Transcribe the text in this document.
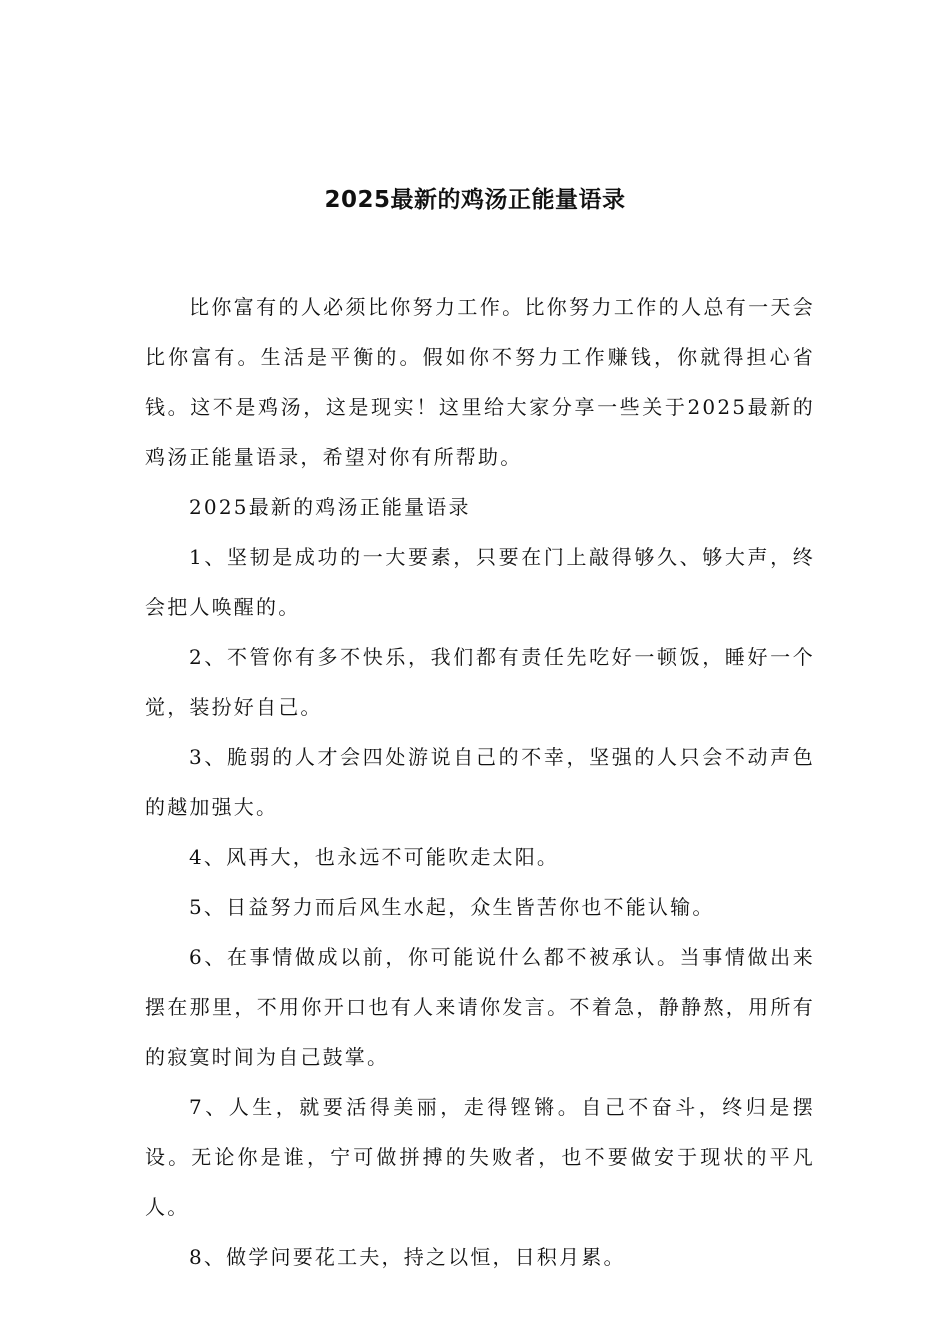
2025最新的鸡汤正能量语录

比你富有的人必须比你努力工作。比你努力工作的人总有一天会比你富有。生活是平衡的。假如你不努力工作赚钱，你就得担心省钱。这不是鸡汤，这是现实！这里给大家分享一些关于2025最新的鸡汤正能量语录，希望对你有所帮助。

2025最新的鸡汤正能量语录

1、坚韧是成功的一大要素，只要在门上敲得够久、够大声，终会把人唤醒的。

2、不管你有多不快乐，我们都有责任先吃好一顿饭，睡好一个觉，装扮好自己。

3、脆弱的人才会四处游说自己的不幸，坚强的人只会不动声色的越加强大。

4、风再大，也永远不可能吹走太阳。

5、日益努力而后风生水起，众生皆苦你也不能认输。

6、在事情做成以前，你可能说什么都不被承认。当事情做出来摆在那里，不用你开口也有人来请你发言。不着急，静静熬，用所有的寂寞时间为自己鼓掌。

7、人生，就要活得美丽，走得铿锵。自己不奋斗，终归是摆设。无论你是谁，宁可做拼搏的失败者，也不要做安于现状的平凡人。

8、做学问要花工夫，持之以恒，日积月累。
